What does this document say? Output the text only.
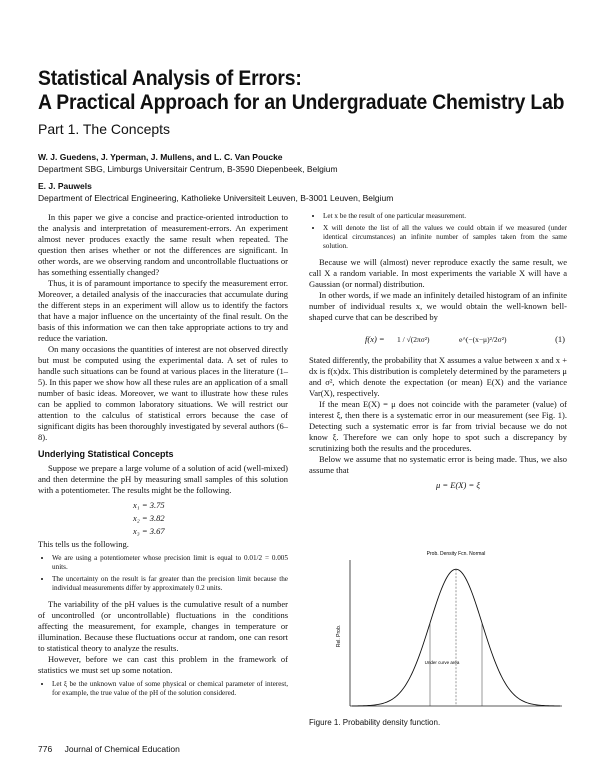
Statistical Analysis of Errors:
A Practical Approach for an Undergraduate Chemistry Lab
Part 1. The Concepts
W. J. Guedens, J. Yperman, J. Mullens, and L. C. Van Poucke
Department SBG, Limburgs Universitair Centrum, B-3590 Diepenbeek, Belgium
E. J. Pauwels
Department of Electrical Engineering, Katholieke Universiteit Leuven, B-3001 Leuven, Belgium

In this paper we give a concise and practice-oriented introduction to the analysis and interpretation of measurement-errors. An experiment almost never produces exactly the same result when repeated. The question then arises whether or not the differences are significant. In other words, are we observing random and uncontrollable fluctuations or has something essentially changed?

Thus, it is of paramount importance to specify the measurement error. Moreover, a detailed analysis of the inaccuracies that accumulate during the different steps in an experiment will allow us to identify the factors that have a major influence on the uncertainty of the final result. On the basis of this information we can then take appropriate actions to try and reduce the variation.

On many occasions the quantities of interest are not observed directly but must be computed using the experimental data. A set of rules to handle such situations can be found at various places in the literature (1–5). In this paper we show how all these rules are an application of a small number of basic ideas. Moreover, we want to illustrate how these rules can be applied to common laboratory situations. We will restrict our attention to the calculus of statistical errors because the case of significant digits has been thoroughly investigated by several authors (6–8).

Underlying Statistical Concepts

Suppose we prepare a large volume of a solution of acid (well-mixed) and then determine the pH by measuring small samples of this solution with a potentiometer. The results might be the following.

x₁ = 3.75
x₂ = 3.82
x₃ = 3.67

This tells us the following.

• We are using a potentiometer whose precision limit is equal to 0.01/2 = 0.005 units.
• The uncertainty on the result is far greater than the precision limit because the individual measurements differ by approximately 0.2 units.

The variability of the pH values is the cumulative result of a number of uncontrolled (or uncontrollable) fluctuations in the conditions affecting the measurement, for example, changes in temperature or illumination. Because these fluctuations occur at random, one can resort to statistical theory to analyze the results.

However, before we can cast this problem in the framework of statistics we must set up some notation.

• Let ξ be the unknown value of some physical or chemical parameter of interest, for example, the true value of the pH of the solution considered.
• Let x be the result of one particular measurement.
• X will denote the list of all the values we could obtain if we measured (under identical circumstances) an infinite number of samples taken from the same solution.

Because we will (almost) never reproduce exactly the same result, we call X a random variable. In most experiments the variable X will have a Gaussian (or normal) distribution.

In other words, if we made an infinitely detailed histogram of an infinite number of individual results x, we would obtain the well-known bell-shaped curve that can be described by

f(x) = 1 / √(2πσ²)	e^(−(x−μ)²/2σ²)	(1)

Stated differently, the probability that X assumes a value between x and x + dx is f(x)dx. This distribution is completely determined by the parameters μ and σ², which denote the expectation (or mean) E(X) and the variance Var(X), respectively.

If the mean E(X) = μ does not coincide with the parameter (value) of interest ξ, then there is a systematic error in our measurement (see Fig. 1). Detecting such a systematic error is far from trivial because we do not know ξ. Therefore we can only hope to spot such a discrepancy by scrutinizing both the results and the procedures.

Below we assume that no systematic error is being made. Thus, we also assume that

μ = E(X) = ξ
Prob. Density Fcn. Normal
Rel. Prob.
Under curve area
Figure 1. Probability density function.
776 Journal of Chemical Education
